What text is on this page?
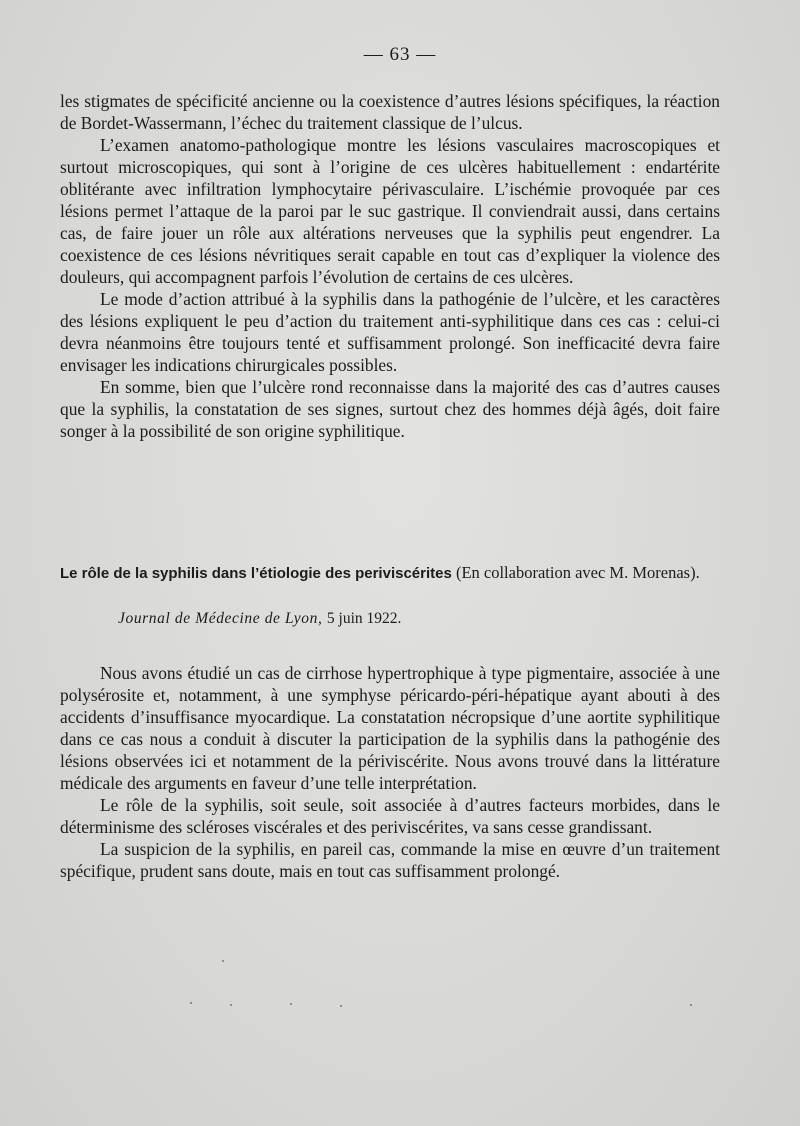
— 63 —

les stigmates de spécificité ancienne ou la coexistence d’autres lésions spécifiques, la réaction de Bordet-Wassermann, l’échec du traitement classique de l’ulcus.

L’examen anatomo-pathologique montre les lésions vasculaires macroscopiques et surtout microscopiques, qui sont à l’origine de ces ulcères habituellement : endartérite oblitérante avec infiltration lymphocytaire périvasculaire. L’ischémie provoquée par ces lésions permet l’attaque de la paroi par le suc gastrique. Il conviendrait aussi, dans certains cas, de faire jouer un rôle aux altérations nerveuses que la syphilis peut engendrer. La coexistence de ces lésions névritiques serait capable en tout cas d’expliquer la violence des douleurs, qui accompagnent parfois l’évolution de certains de ces ulcères.

Le mode d’action attribué à la syphilis dans la pathogénie de l’ulcère, et les caractères des lésions expliquent le peu d’action du traitement anti-syphilitique dans ces cas : celui-ci devra néanmoins être toujours tenté et suffisamment prolongé. Son inefficacité devra faire envisager les indications chirurgicales possibles.

En somme, bien que l’ulcère rond reconnaisse dans la majorité des cas d’autres causes que la syphilis, la constatation de ses signes, surtout chez des hommes déjà âgés, doit faire songer à la possibilité de son origine syphilitique.

Le rôle de la syphilis dans l’étiologie des periviscérites (En collaboration avec M. Morenas).
Journal de Médecine de Lyon, 5 juin 1922.

Nous avons étudié un cas de cirrhose hypertrophique à type pigmentaire, associée à une polysérosite et, notamment, à une symphyse péricardo-péri-hépatique ayant abouti à des accidents d’insuffisance myocardique. La constatation nécropsique d’une aortite syphilitique dans ce cas nous a conduit à discuter la participation de la syphilis dans la pathogénie des lésions observées ici et notamment de la périviscérite. Nous avons trouvé dans la littérature médicale des arguments en faveur d’une telle interprétation.

Le rôle de la syphilis, soit seule, soit associée à d’autres facteurs morbides, dans le déterminisme des scléroses viscérales et des periviscérites, va sans cesse grandissant.

La suspicion de la syphilis, en pareil cas, commande la mise en œuvre d’un traitement spécifique, prudent sans doute, mais en tout cas suffisamment prolongé.
